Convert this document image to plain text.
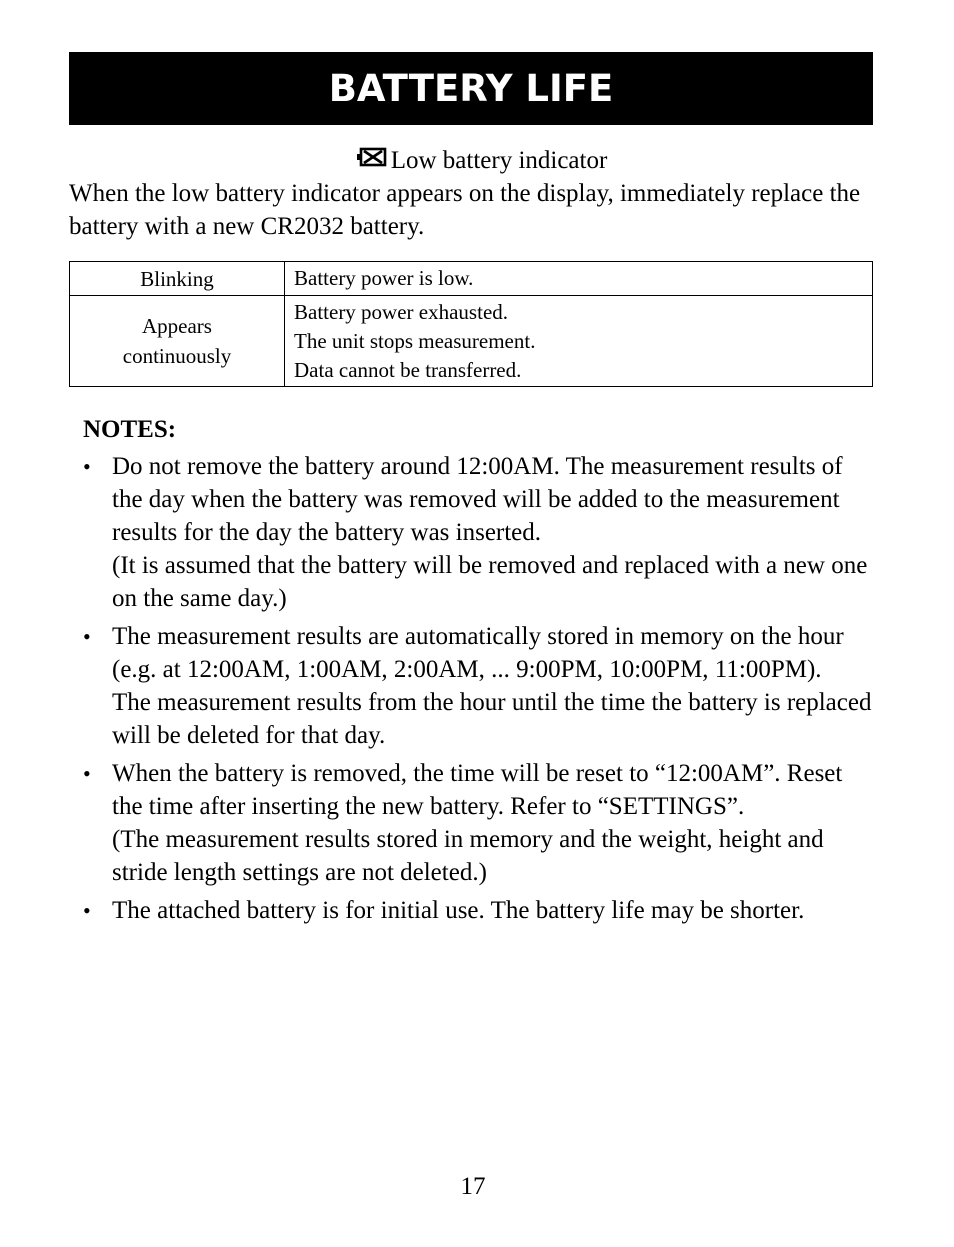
BATTERY LIFE
Low battery indicator

When the low battery indicator appears on the display, immediately replace the battery with a new CR2032 battery.

Blinking	Battery power is low.

Appears
continuously	Battery power exhausted.
The unit stops measurement.
Data cannot be transferred.
NOTES:
• Do not remove the battery around 12:00AM. The measurement results of the day when the battery was removed will be added to the measurement results for the day the battery was inserted.
(It is assumed that the battery will be removed and replaced with a new one on the same day.)
• The measurement results are automatically stored in memory on the hour (e.g. at 12:00AM, 1:00AM, 2:00AM, ... 9:00PM, 10:00PM, 11:00PM).
The measurement results from the hour until the time the battery is replaced will be deleted for that day.
• When the battery is removed, the time will be reset to “12:00AM”. Reset the time after inserting the new battery. Refer to “SETTINGS”.
(The measurement results stored in memory and the weight, height and stride length settings are not deleted.)
• The attached battery is for initial use. The battery life may be shorter.
17
